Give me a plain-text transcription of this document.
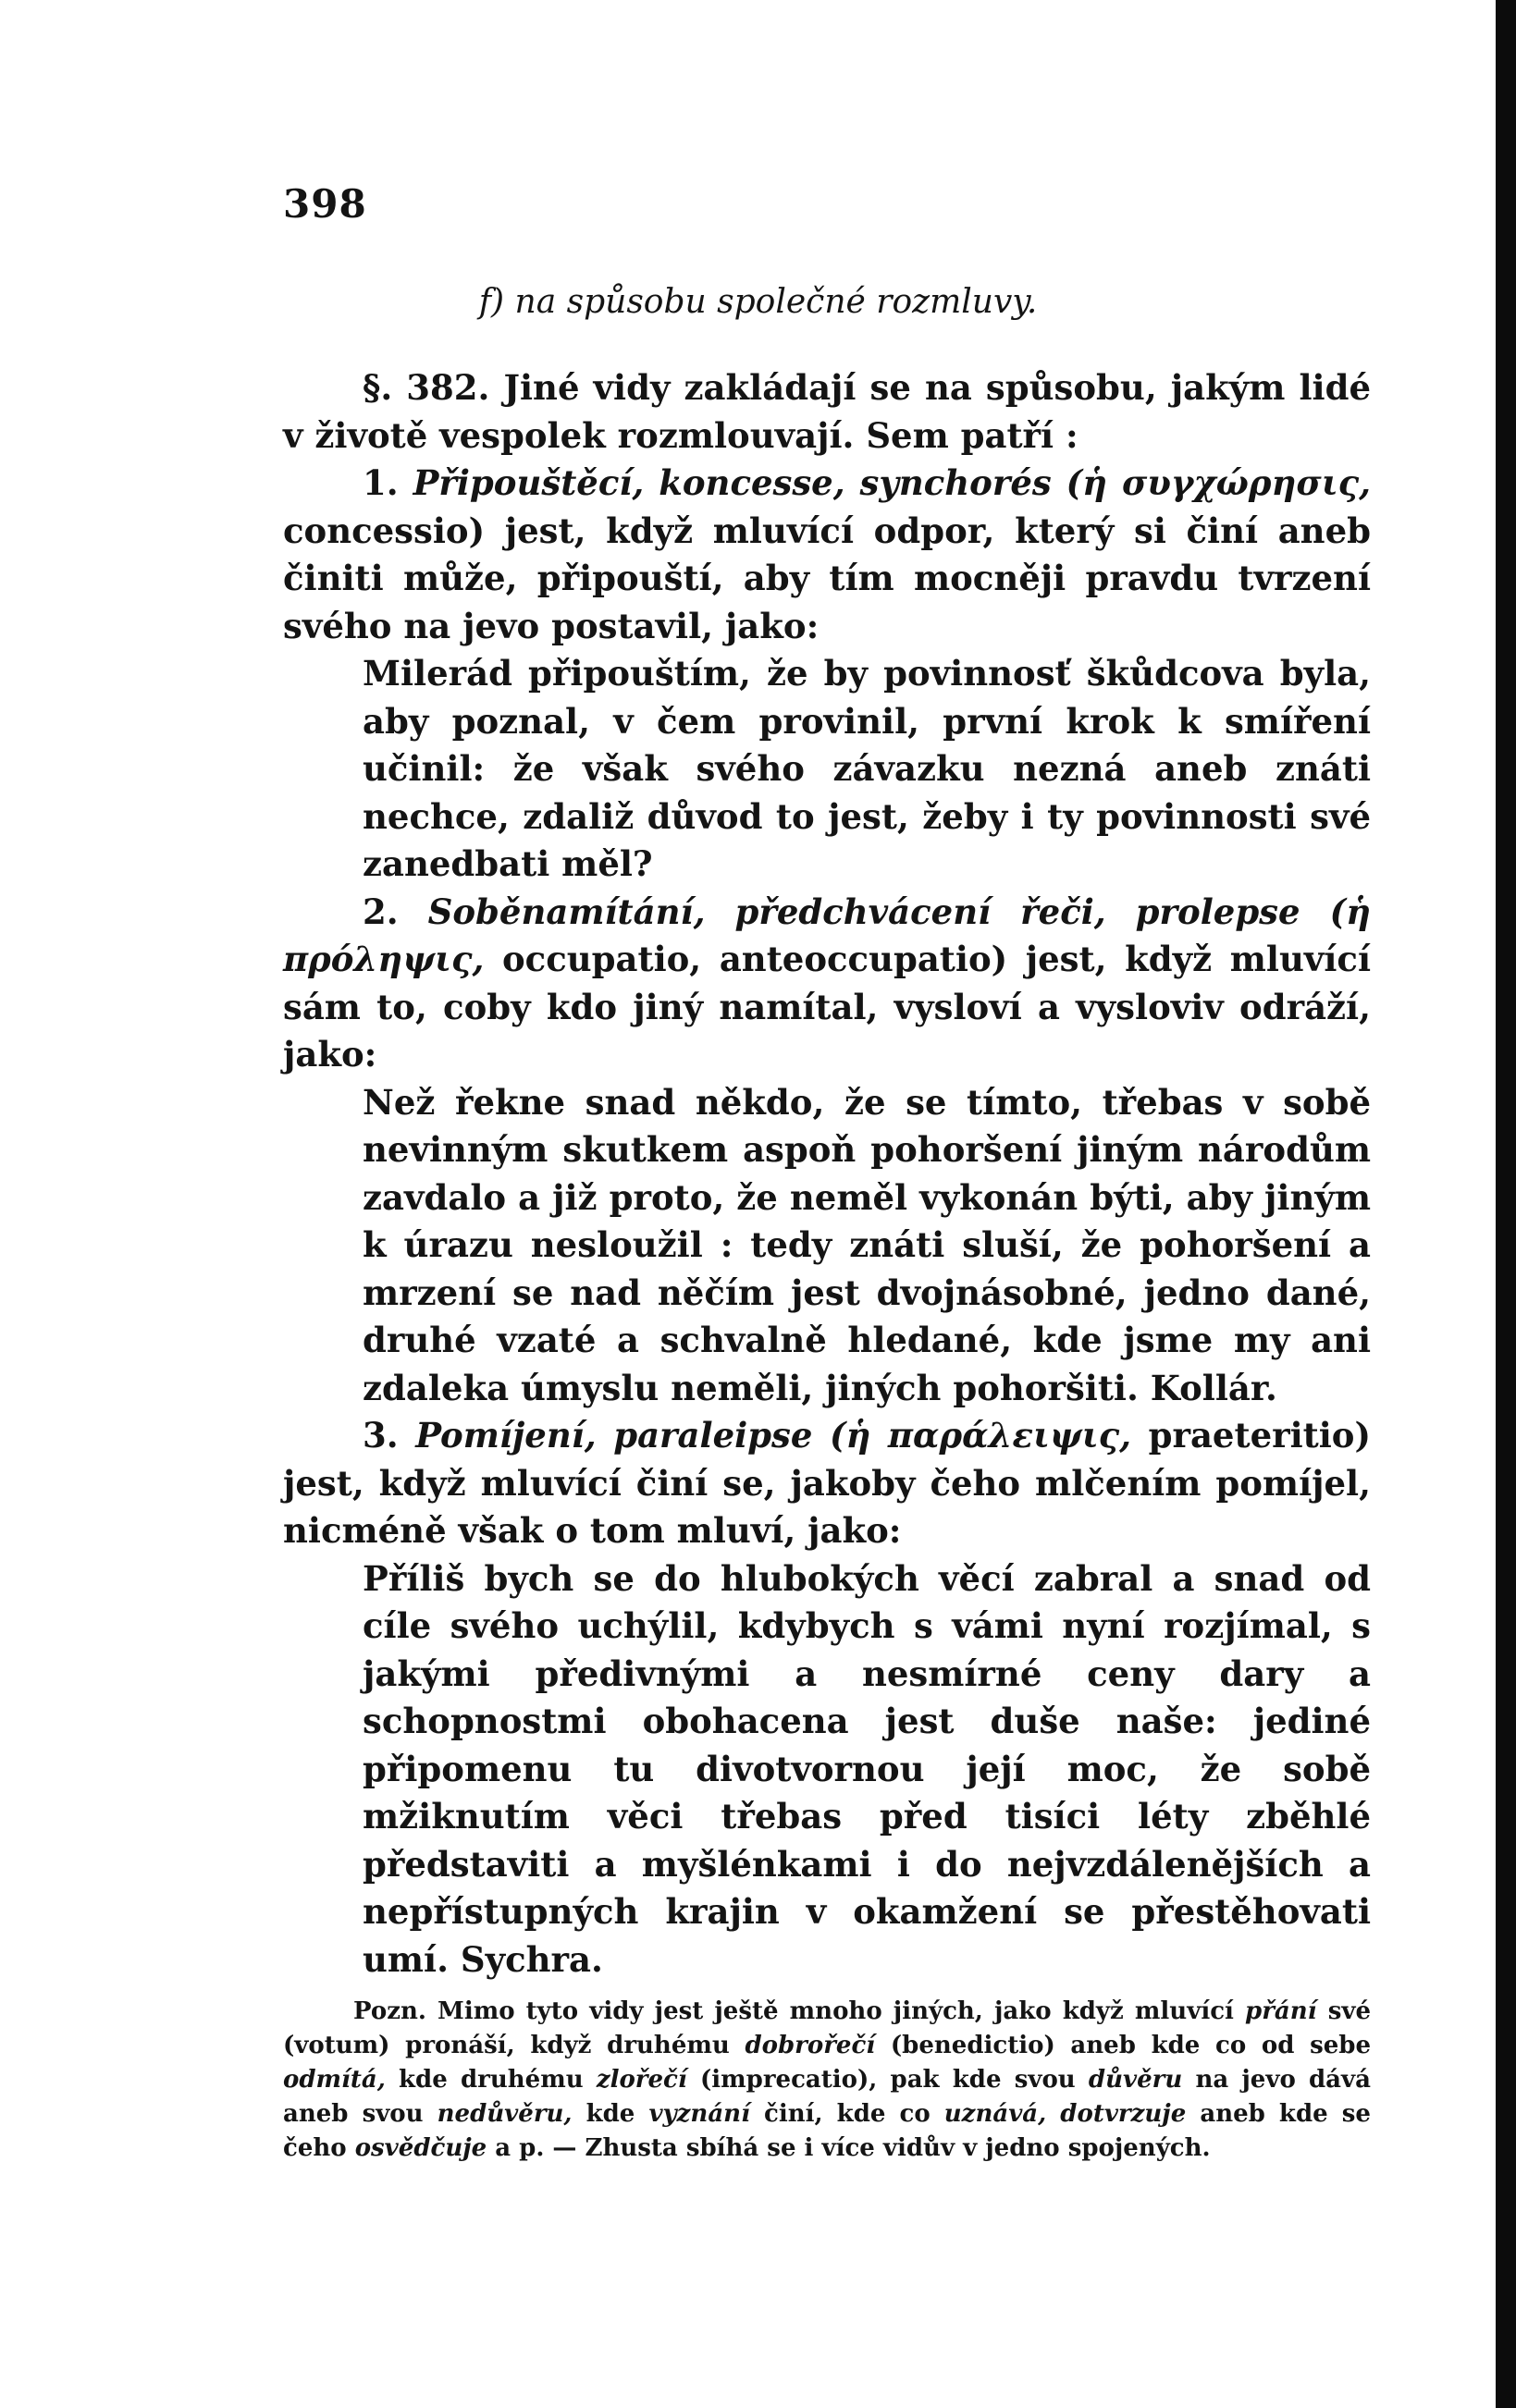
398
f) na spůsobu společné rozmluvy.

§. 382. Jiné vidy zakládají se na spůsobu, jakým lidé v životě vespolek rozmlouvají. Sem patří :

1. Připouštěcí, koncesse, synchorés (ἡ συγχώρησις, concessio) jest, když mluvící odpor, který si činí aneb činiti může, připouští, aby tím mocněji pravdu tvrzení svého na jevo postavil, jako:

Milerád připouštím, že by povinnosť škůdcova byla, aby poznal, v čem provinil, první krok k smíření učinil: že však svého závazku nezná aneb znáti nechce, zdaliž důvod to jest, žeby i ty povinnosti své zanedbati měl?

2. Soběnamítání, předchvácení řeči, prolepse (ἡ πρόληψις, occupatio, anteoccupatio) jest, když mluvící sám to, coby kdo jiný namítal, vysloví a vysloviv odráží, jako:

Než řekne snad někdo, že se tímto, třebas v sobě nevinným skutkem aspoň pohoršení jiným národům zavdalo a již proto, že neměl vykonán býti, aby jiným k úrazu nesloužil : tedy znáti sluší, že pohoršení a mrzení se nad něčím jest dvojnásobné, jedno dané, druhé vzaté a schvalně hledané, kde jsme my ani zdaleka úmyslu neměli, jiných pohoršiti. Kollár.

3. Pomíjení, paraleipse (ἡ παράλειψις, praeteritio) jest, když mluvící činí se, jakoby čeho mlčením pomíjel, nicméně však o tom mluví, jako:

Příliš bych se do hlubokých věcí zabral a snad od cíle svého uchýlil, kdybych s vámi nyní rozjímal, s jakými předivnými a nesmírné ceny dary a schopnostmi obohacena jest duše naše: jediné připomenu tu divotvornou její moc, že sobě mžiknutím věci třebas před tisíci léty zběhlé představiti a myšlénkami i do nejvzdálenějších a nepřístupných krajin v okamžení se přestěhovati umí. Sychra.

Pozn. Mimo tyto vidy jest ještě mnoho jiných, jako když mluvící přání své (votum) pronáší, když druhému dobrořečí (benedictio) aneb kde co od sebe odmítá, kde druhému zlořečí (imprecatio), pak kde svou důvěru na jevo dává aneb svou nedůvěru, kde vyznání činí, kde co uznává, dotvrzuje aneb kde se čeho osvědčuje a p. — Zhusta sbíhá se i více vidův v jedno spojených.
